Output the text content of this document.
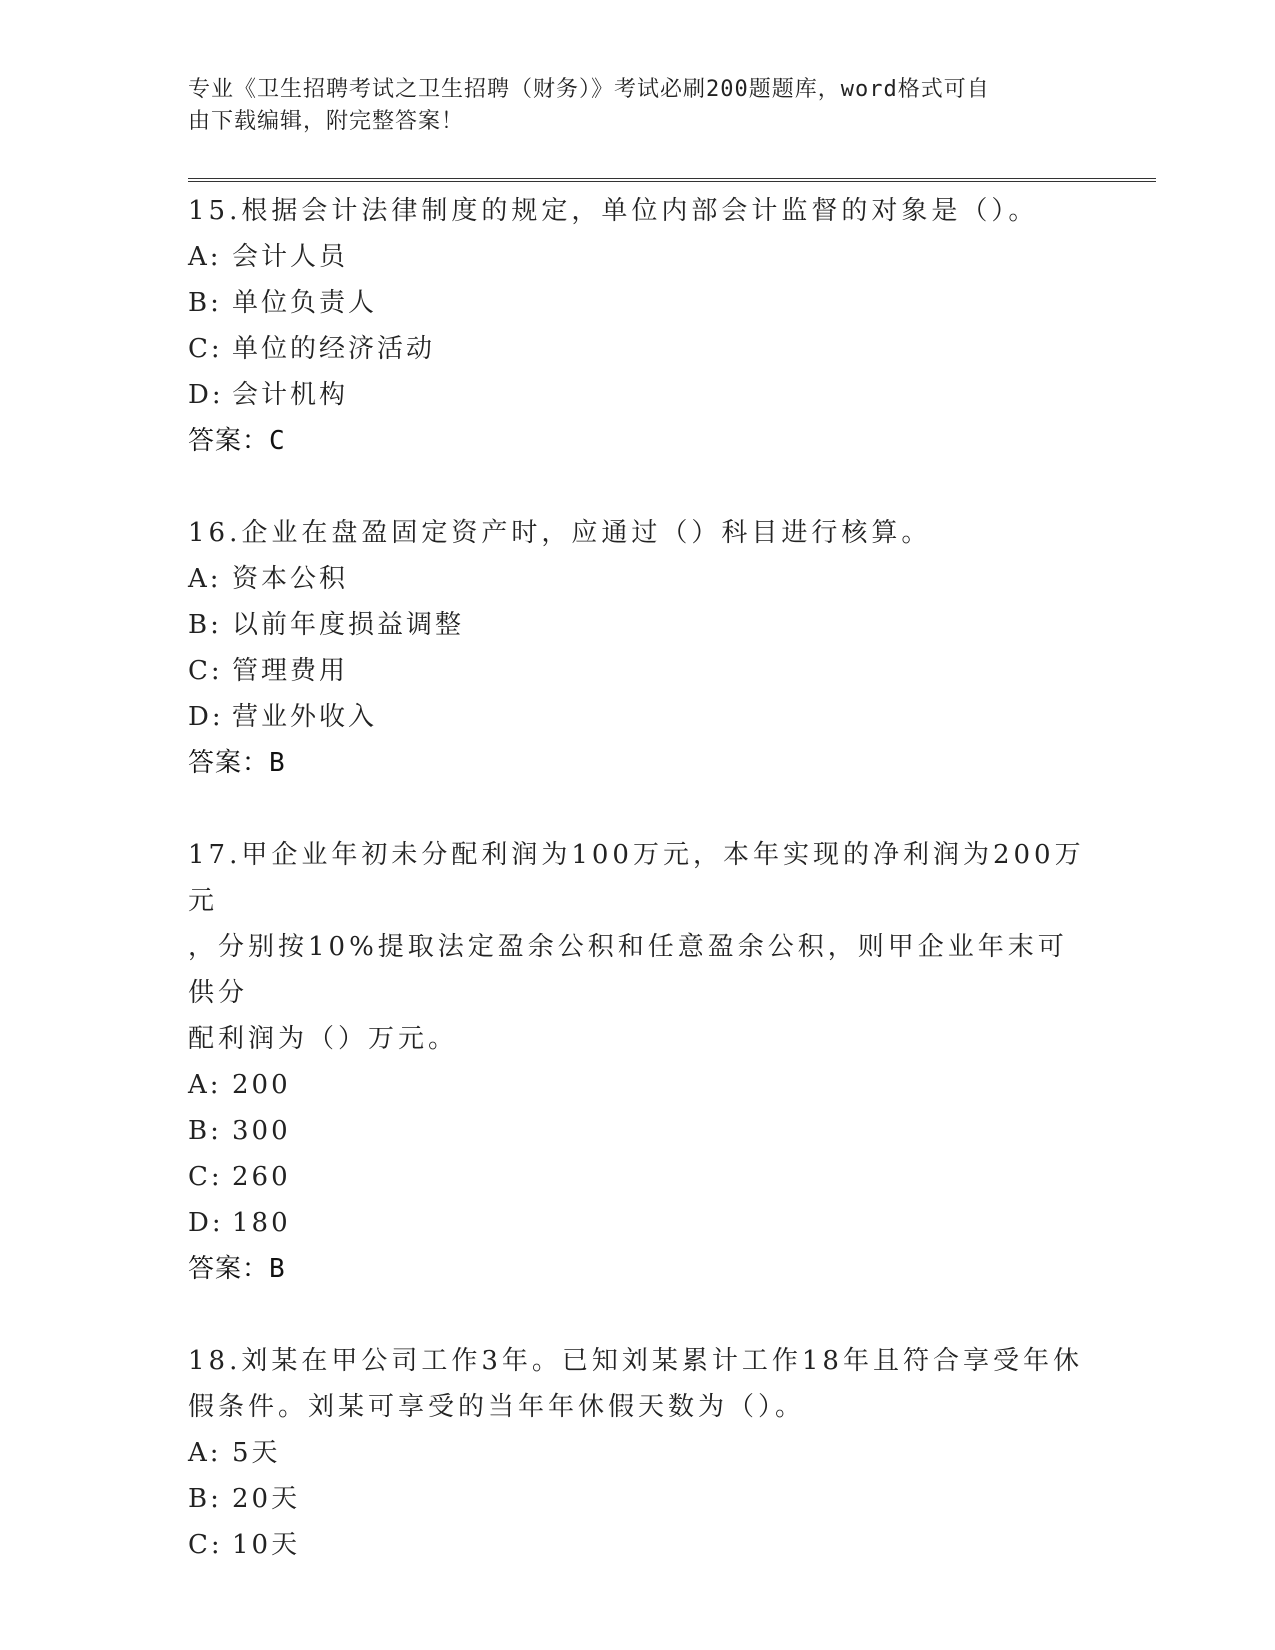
专业《卫生招聘考试之卫生招聘（财务）》考试必刷200题题库，word格式可自
由下载编辑，附完整答案！
15.根据会计法律制度的规定，单位内部会计监督的对象是（）。
A: 会计人员
B: 单位负责人
C: 单位的经济活动
D: 会计机构
答案：C
16.企业在盘盈固定资产时，应通过（）科目进行核算。
A: 资本公积
B: 以前年度损益调整
C: 管理费用
D: 营业外收入
答案：B
17.甲企业年初未分配利润为100万元，本年实现的净利润为200万元
，分别按10%提取法定盈余公积和任意盈余公积，则甲企业年末可供分
配利润为（）万元。
A: 200
B: 300
C: 260
D: 180
答案：B
18.刘某在甲公司工作3年。已知刘某累计工作18年且符合享受年休
假条件。刘某可享受的当年年休假天数为（）。
A: 5天
B: 20天
C: 10天
